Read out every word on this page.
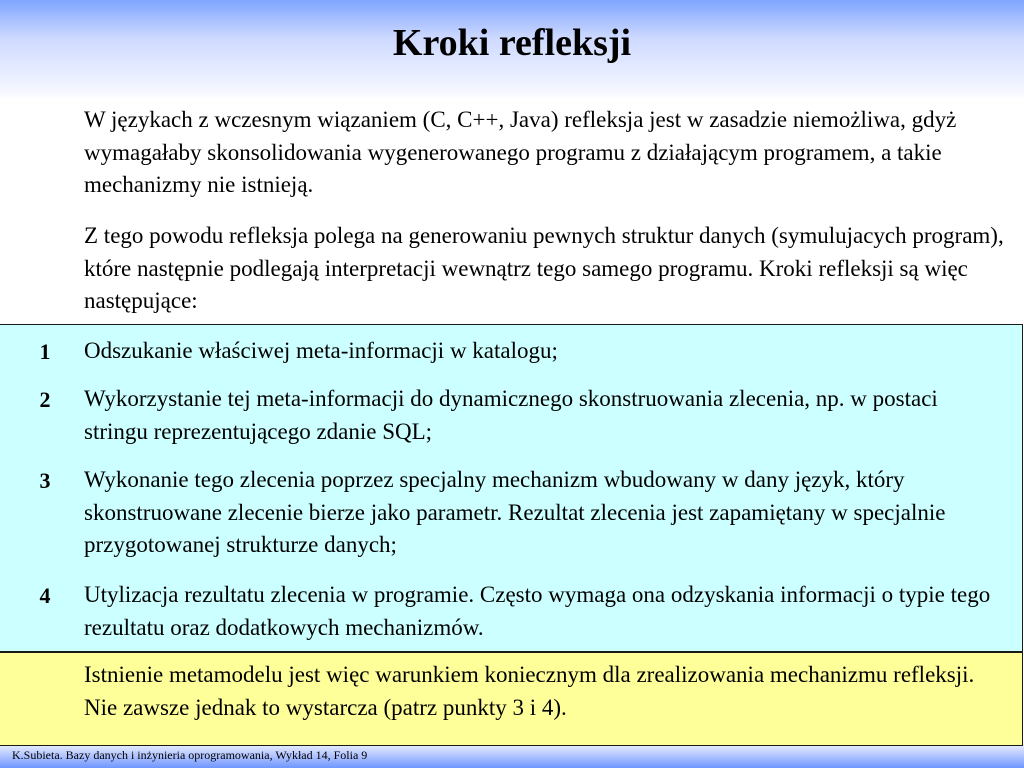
Kroki refleksji
W językach z wczesnym wiązaniem (C, C++, Java) refleksja jest w zasadzie niemożliwa, gdyż wymagałaby skonsolidowania wygenerowanego programu z działającym programem, a takie mechanizmy nie istnieją.
Z tego powodu refleksja polega na generowaniu pewnych struktur danych (symulujacych program), które następnie podlegają interpretacji wewnątrz tego samego programu. Kroki refleksji są więc następujące:
1	Odszukanie właściwej meta-informacji w katalogu;
2	Wykorzystanie tej meta-informacji do dynamicznego skonstruowania zlecenia, np. w postaci stringu reprezentującego zdanie SQL;
3	Wykonanie tego zlecenia poprzez specjalny mechanizm wbudowany w dany język, który skonstruowane zlecenie bierze jako parametr. Rezultat zlecenia jest zapamiętany w specjalnie przygotowanej strukturze danych;
4	Utylizacja rezultatu zlecenia w programie. Często wymaga ona odzyskania informacji o typie tego rezultatu oraz dodatkowych mechanizmów.
Istnienie metamodelu jest więc warunkiem koniecznym dla zrealizowania mechanizmu refleksji. Nie zawsze jednak to wystarcza (patrz punkty 3 i 4).
K.Subieta. Bazy danych i inżynieria oprogramowania, Wykład 14, Folia 9
